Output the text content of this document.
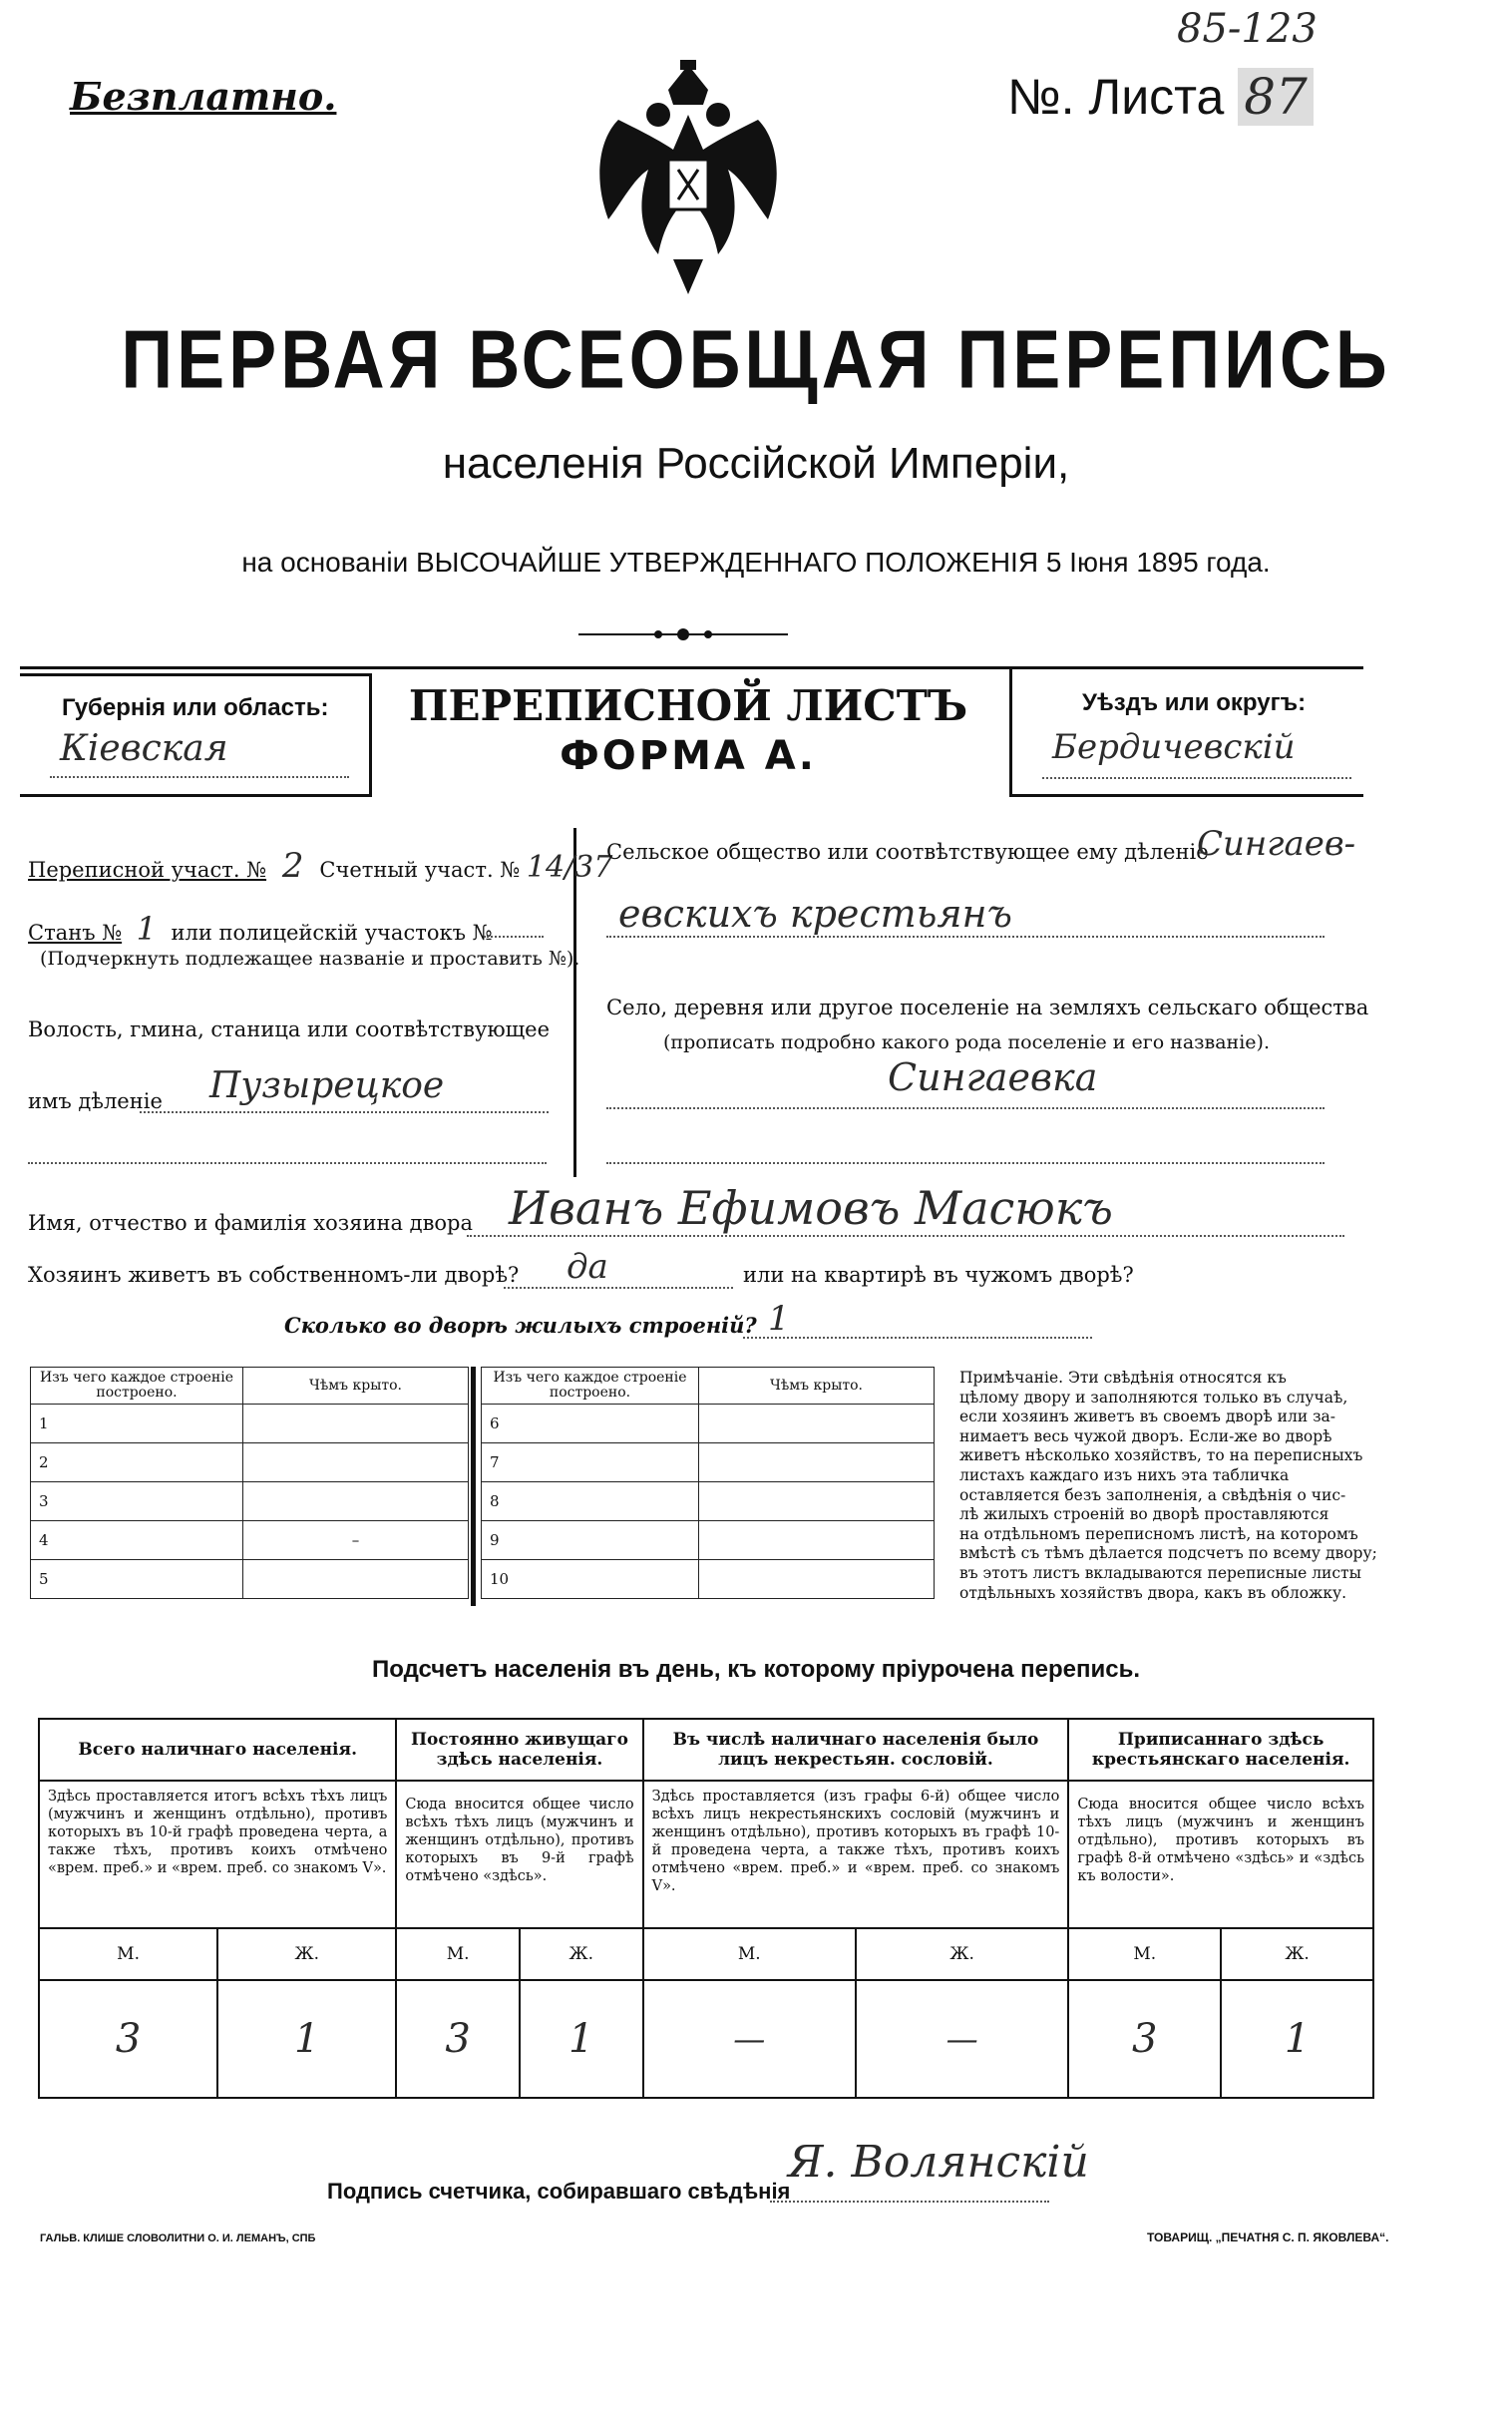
85-123
Безплатно.	№. Листа 87
ПЕРВАЯ ВСЕОБЩАЯ ПЕРЕПИСЬ
населенія Россійской Имперіи,
на основаніи ВЫСОЧАЙШЕ УТВЕРЖДЕННАГО ПОЛОЖЕНІЯ 5 Іюня 1895 года.
Губернія или область:
Кіевская
ПЕРЕПИСНОЙ ЛИСТЪ
ФОРМА А.
Уѣздъ или округъ:
Бердичевскій
Переписной участ. № 2 Счетный участ. № 14/37
Станъ № 1 или полицейскій участокъ №
(Подчеркнуть подлежащее названіе и проставить №).
Волость, гмина, станица или соотвѣтствующее
имъ дѣленіе Пузырецкое
Сельское общество или соотвѣтствующее ему дѣленіе
Сингаев-
евскихъ крестьянъ
Село, деревня или другое поселеніе на земляхъ сельскаго общества
(прописать подробно какого рода поселеніе и его названіе).
Сингаевка
Имя, отчество и фамилія хозяина двора Иванъ Ефимовъ Масюкъ
Хозяинъ живетъ въ собственномъ-ли дворѣ? да	или на квартирѣ въ чужомъ дворѣ?
Сколько во дворѣ жилыхъ строеній? 1
Изъ чего каждое строеніе построено.	Чѣмъ крыто.
1	
2	
3	
4	–
5	
Изъ чего каждое строеніе построено.	Чѣмъ крыто.
6	
7	
8	
9	
10	
Примѣчаніе. Эти свѣдѣнія относятся къ
цѣлому двору и заполняются только въ случаѣ,
если хозяинъ живетъ въ своемъ дворѣ или за-
нимаетъ весь чужой дворъ. Если-же во дворѣ
живетъ нѣсколько хозяйствъ, то на переписныхъ
листахъ каждаго изъ нихъ эта табличка
оставляется безъ заполненія, а свѣдѣнія о чис-
лѣ жилыхъ строеній во дворѣ проставляются
на отдѣльномъ переписномъ листѣ, на которомъ
вмѣстѣ съ тѣмъ дѣлается подсчетъ по всему двору;
въ этотъ листъ вкладываются переписные листы
отдѣльныхъ хозяйствъ двора, какъ въ обложку.
Подсчетъ населенія въ день, къ которому пріурочена перепись.
Всего наличнаго населенія.		Постоянно живущаго здѣсь населенія.		Въ числѣ наличнаго населенія было лицъ некрестьян. сословій.		Приписаннаго здѣсь крестьянскаго населенія.	
Здѣсь проставляется итогъ всѣхъ тѣхъ лицъ (мужчинъ и женщинъ отдѣльно), противъ которыхъ въ 10-й графѣ проведена черта, а также тѣхъ, противъ коихъ отмѣчено «врем. преб.» и «врем. преб. со знакомъ V».		Сюда вносится общее число всѣхъ тѣхъ лицъ (мужчинъ и женщинъ отдѣльно), противъ которыхъ въ 9-й графѣ отмѣчено «здѣсь».		Здѣсь проставляется (изъ графы 6-й) общее число всѣхъ лицъ некрестьянскихъ сословій (мужчинъ и женщинъ отдѣльно), противъ которыхъ въ графѣ 10-й проведена черта, а также тѣхъ, противъ коихъ отмѣчено «врем. преб.» и «врем. преб. со знакомъ V».		Сюда вносится общее число всѣхъ тѣхъ лицъ (мужчинъ и женщинъ отдѣльно), противъ которыхъ въ графѣ 8-й отмѣчено «здѣсь» и «здѣсь къ волости».	
М.	Ж.	М.	Ж.	М.	Ж.	М.	Ж.
3	1	3	1	—	—	3	1
Подпись счетчика, собиравшаго свѣдѣнія
Я. Волянскій
ГАЛЬВ. КЛИШЕ СЛОВОЛИТНИ О. И. ЛЕМАНЪ, СПБ	ТОВАРИЩ. „ПЕЧАТНЯ С. П. ЯКОВЛЕВА“.
